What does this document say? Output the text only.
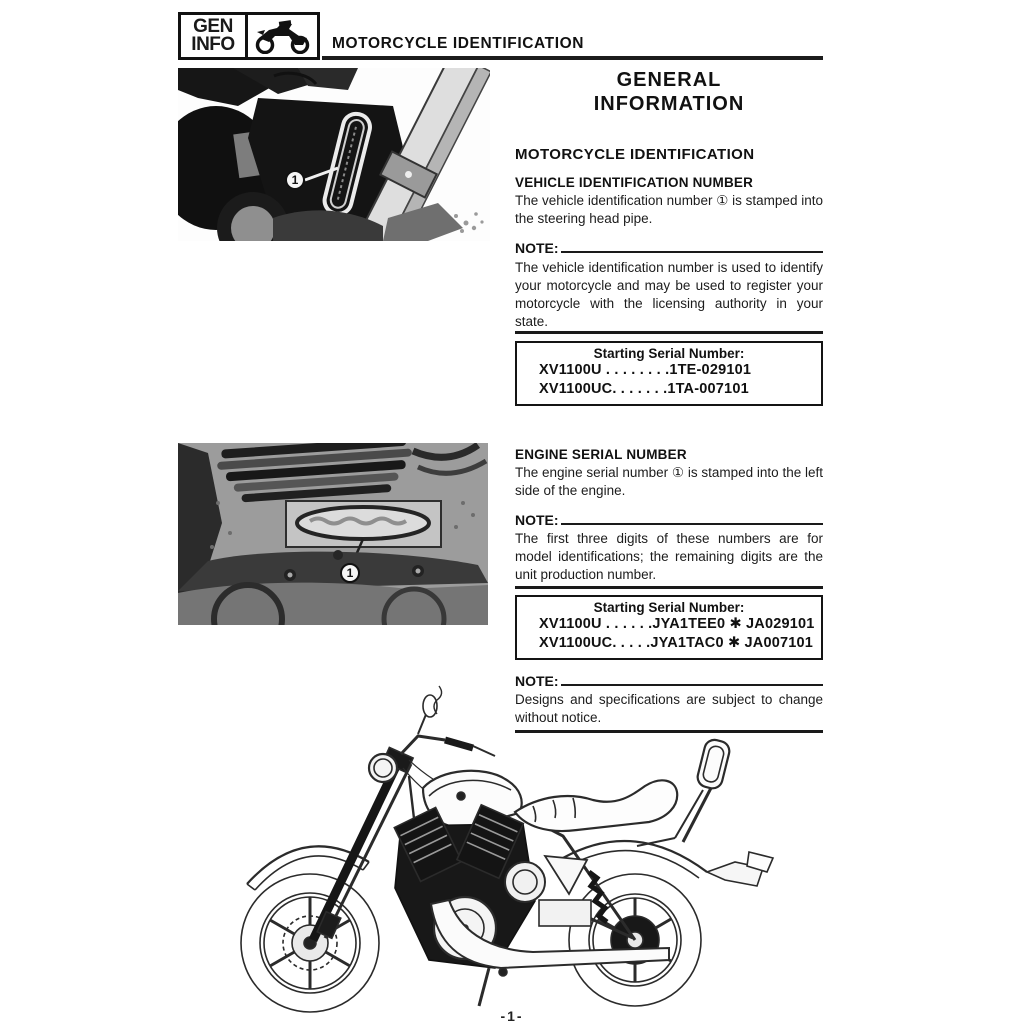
GEN
INFO	MOTORCYCLE IDENTIFICATION
1
GENERAL
INFORMATION
MOTORCYCLE IDENTIFICATION
VEHICLE IDENTIFICATION NUMBER
The vehicle identification number ① is stamped into the steering head pipe.
NOTE:
The vehicle identification number is used to identify your motorcycle and may be used to register your motorcycle with the licensing authority in your state.
Starting Serial Number:
XV1100U . . . . . . . .1TE-029101
XV1100UC. . . . . . .1TA-007101
1
ENGINE SERIAL NUMBER
The engine serial number ① is stamped into the left side of the engine.
NOTE:
The first three digits of these numbers are for model identifications; the remaining digits are the unit production number.
Starting Serial Number:
XV1100U . . . . . .JYA1TEE0 ✱ JA029101
XV1100UC. . . . .JYA1TAC0 ✱ JA007101
NOTE:
Designs and specifications are subject to change without notice.
-1-
